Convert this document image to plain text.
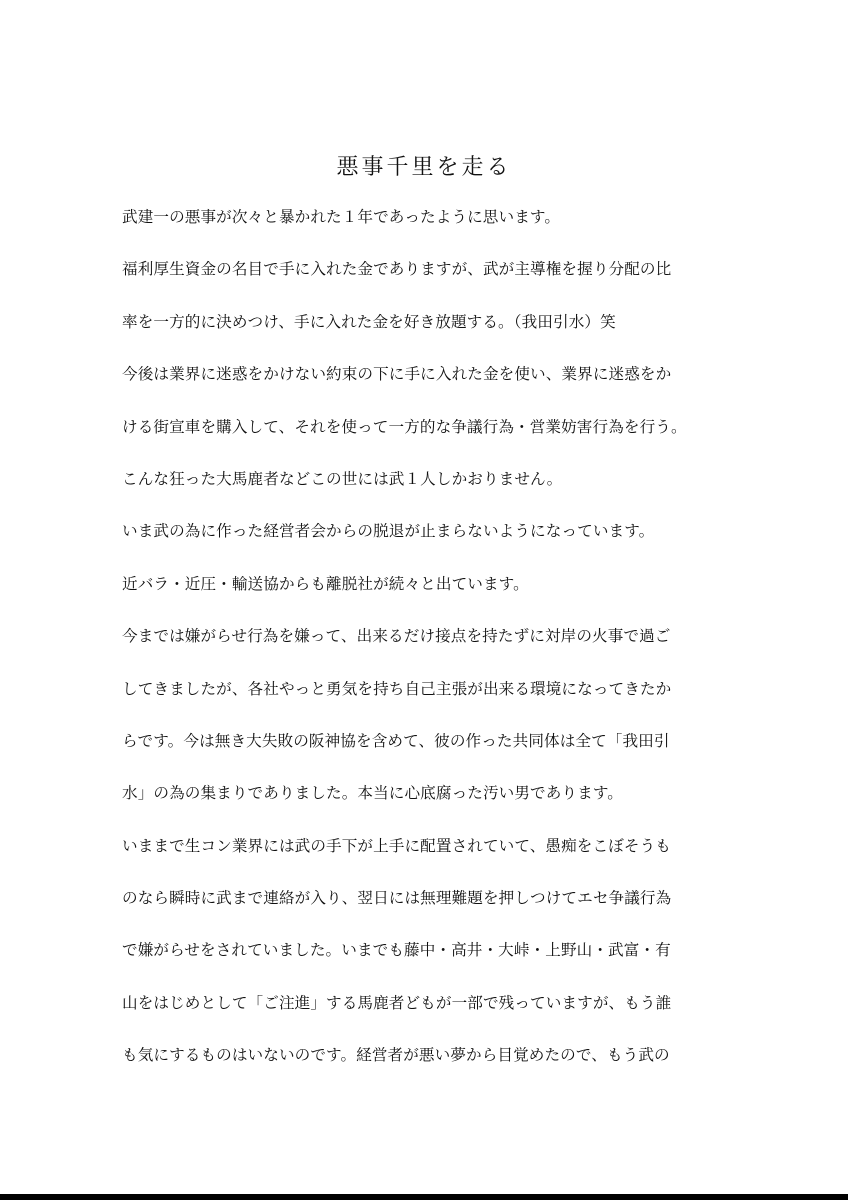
悪事千里を走る
武建一の悪事が次々と暴かれた１年であったように思います。
福利厚生資金の名目で手に入れた金でありますが、武が主導権を握り分配の比
率を一方的に決めつけ、手に入れた金を好き放題する。（我田引水）笑
今後は業界に迷惑をかけない約束の下に手に入れた金を使い、業界に迷惑をか
ける街宣車を購入して、それを使って一方的な争議行為・営業妨害行為を行う。
こんな狂った大馬鹿者などこの世には武１人しかおりません。
いま武の為に作った経営者会からの脱退が止まらないようになっています。
近バラ・近圧・輸送協からも離脱社が続々と出ています。
今までは嫌がらせ行為を嫌って、出来るだけ接点を持たずに対岸の火事で過ご
してきましたが、各社やっと勇気を持ち自己主張が出来る環境になってきたか
らです。今は無き大失敗の阪神協を含めて、彼の作った共同体は全て「我田引
水」の為の集まりでありました。本当に心底腐った汚い男であります。
いままで生コン業界には武の手下が上手に配置されていて、愚痴をこぼそうも
のなら瞬時に武まで連絡が入り、翌日には無理難題を押しつけてエセ争議行為
で嫌がらせをされていました。いまでも藤中・高井・大峠・上野山・武富・有
山をはじめとして「ご注進」する馬鹿者どもが一部で残っていますが、もう誰
も気にするものはいないのです。経営者が悪い夢から目覚めたので、もう武の
